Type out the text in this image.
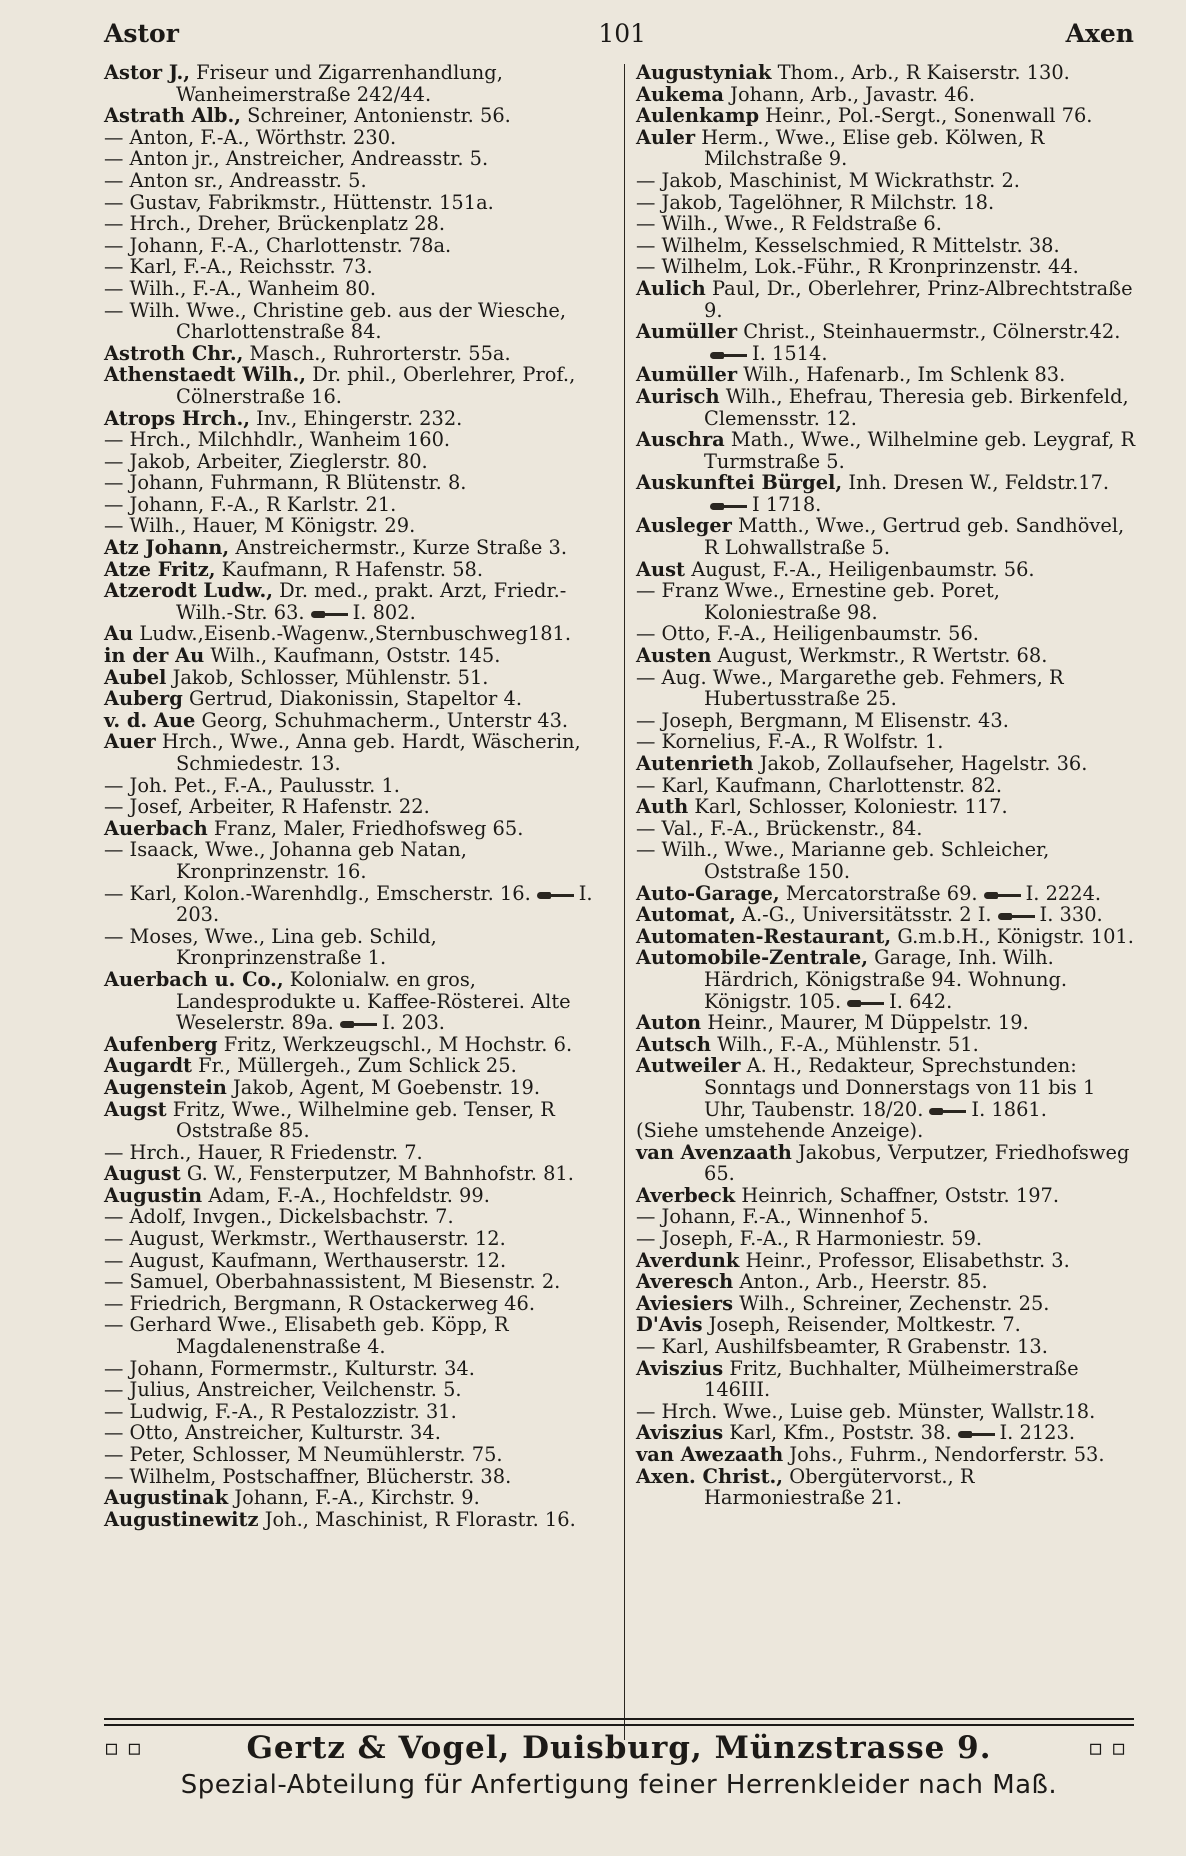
Astor	101	Axen

Astor J., Friseur und Zigarrenhandlung, Wanheimerstraße 242/44.

Astrath Alb., Schreiner, Antonienstr. 56.

— Anton, F.-A., Wörthstr. 230.

— Anton jr., Anstreicher, Andreasstr. 5.

— Anton sr., Andreasstr. 5.

— Gustav, Fabrikmstr., Hüttenstr. 151a.

— Hrch., Dreher, Brückenplatz 28.

— Johann, F.-A., Charlottenstr. 78a.

— Karl, F.-A., Reichsstr. 73.

— Wilh., F.-A., Wanheim 80.

— Wilh. Wwe., Christine geb. aus der Wiesche, Charlottenstraße 84.

Astroth Chr., Masch., Ruhrorterstr. 55a.

Athenstaedt Wilh., Dr. phil., Oberlehrer, Prof., Cölnerstraße 16.

Atrops Hrch., Inv., Ehingerstr. 232.

— Hrch., Milchhdlr., Wanheim 160.

— Jakob, Arbeiter, Zieglerstr. 80.

— Johann, Fuhrmann, R Blütenstr. 8.

— Johann, F.-A., R Karlstr. 21.

— Wilh., Hauer, M Königstr. 29.

Atz Johann, Anstreichermstr., Kurze Straße 3.

Atze Fritz, Kaufmann, R Hafenstr. 58.

Atzerodt Ludw., Dr. med., prakt. Arzt, Friedr.-Wilh.-Str. 63. I. 802.

Au Ludw.,Eisenb.-Wagenw.,Sternbuschweg181.

in der Au Wilh., Kaufmann, Oststr. 145.

Aubel Jakob, Schlosser, Mühlenstr. 51.

Auberg Gertrud, Diakonissin, Stapeltor 4.

v. d. Aue Georg, Schuhmacherm., Unterstr 43.

Auer Hrch., Wwe., Anna geb. Hardt, Wäscherin, Schmiedestr. 13.

— Joh. Pet., F.-A., Paulusstr. 1.

— Josef, Arbeiter, R Hafenstr. 22.

Auerbach Franz, Maler, Friedhofsweg 65.

— Isaack, Wwe., Johanna geb Natan, Kronprinzenstr. 16.

— Karl, Kolon.-Warenhdlg., Emscherstr. 16. I. 203.

— Moses, Wwe., Lina geb. Schild, Kronprinzenstraße 1.

Auerbach u. Co., Kolonialw. en gros, Landesprodukte u. Kaffee-Rösterei. Alte Weselerstr. 89a. I. 203.

Aufenberg Fritz, Werkzeugschl., M Hochstr. 6.

Augardt Fr., Müllergeh., Zum Schlick 25.

Augenstein Jakob, Agent, M Goebenstr. 19.

Augst Fritz, Wwe., Wilhelmine geb. Tenser, R Oststraße 85.

— Hrch., Hauer, R Friedenstr. 7.

August G. W., Fensterputzer, M Bahnhofstr. 81.

Augustin Adam, F.-A., Hochfeldstr. 99.

— Adolf, Invgen., Dickelsbachstr. 7.

— August, Werkmstr., Werthauserstr. 12.

— August, Kaufmann, Werthauserstr. 12.

— Samuel, Oberbahnassistent, M Biesenstr. 2.

— Friedrich, Bergmann, R Ostackerweg 46.

— Gerhard Wwe., Elisabeth geb. Köpp, R Magdalenenstraße 4.

— Johann, Formermstr., Kulturstr. 34.

— Julius, Anstreicher, Veilchenstr. 5.

— Ludwig, F.-A., R Pestalozzistr. 31.

— Otto, Anstreicher, Kulturstr. 34.

— Peter, Schlosser, M Neumühlerstr. 75.

— Wilhelm, Postschaffner, Blücherstr. 38.

Augustinak Johann, F.-A., Kirchstr. 9.

Augustinewitz Joh., Maschinist, R Florastr. 16.

Augustyniak Thom., Arb., R Kaiserstr. 130.

Aukema Johann, Arb., Javastr. 46.

Aulenkamp Heinr., Pol.-Sergt., Sonenwall 76.

Auler Herm., Wwe., Elise geb. Kölwen, R Milchstraße 9.

— Jakob, Maschinist, M Wickrathstr. 2.

— Jakob, Tagelöhner, R Milchstr. 18.

— Wilh., Wwe., R Feldstraße 6.

— Wilhelm, Kesselschmied, R Mittelstr. 38.

— Wilhelm, Lok.-Führ., R Kronprinzenstr. 44.

Aulich Paul, Dr., Oberlehrer, Prinz-Albrechtstraße 9.

Aumüller Christ., Steinhauermstr., Cölnerstr.42.I. 1514.

Aumüller Wilh., Hafenarb., Im Schlenk 83.

Aurisch Wilh., Ehefrau, Theresia geb. Birkenfeld, Clemensstr. 12.

Auschra Math., Wwe., Wilhelmine geb. Leygraf, R Turmstraße 5.

Auskunftei Bürgel, Inh. Dresen W., Feldstr.17.I 1718.

Ausleger Matth., Wwe., Gertrud geb. Sandhövel, R Lohwallstraße 5.

Aust August, F.-A., Heiligenbaumstr. 56.

— Franz Wwe., Ernestine geb. Poret, Koloniestraße 98.

— Otto, F.-A., Heiligenbaumstr. 56.

Austen August, Werkmstr., R Wertstr. 68.

— Aug. Wwe., Margarethe geb. Fehmers, R Hubertusstraße 25.

— Joseph, Bergmann, M Elisenstr. 43.

— Kornelius, F.-A., R Wolfstr. 1.

Autenrieth Jakob, Zollaufseher, Hagelstr. 36.

— Karl, Kaufmann, Charlottenstr. 82.

Auth Karl, Schlosser, Koloniestr. 117.

— Val., F.-A., Brückenstr., 84.

— Wilh., Wwe., Marianne geb. Schleicher, Oststraße 150.

Auto-Garage, Mercatorstraße 69. I. 2224.

Automat, A.-G., Universitätsstr. 2 I. I. 330.

Automaten-Restaurant, G.m.b.H., Königstr. 101.

Automobile-Zentrale, Garage, Inh. Wilh. Härdrich, Königstraße 94. Wohnung. Königstr. 105. I. 642.

Auton Heinr., Maurer, M Düppelstr. 19.

Autsch Wilh., F.-A., Mühlenstr. 51.

Autweiler A. H., Redakteur, Sprechstunden: Sonntags und Donnerstags von 11 bis 1 Uhr, Taubenstr. 18/20. I. 1861.

(Siehe umstehende Anzeige).

van Avenzaath Jakobus, Verputzer, Friedhofsweg 65.

Averbeck Heinrich, Schaffner, Oststr. 197.

— Johann, F.-A., Winnenhof 5.

— Joseph, F.-A., R Harmoniestr. 59.

Averdunk Heinr., Professor, Elisabethstr. 3.

Averesch Anton., Arb., Heerstr. 85.

Aviesiers Wilh., Schreiner, Zechenstr. 25.

D'Avis Joseph, Reisender, Moltkestr. 7.

— Karl, Aushilfsbeamter, R Grabenstr. 13.

Aviszius Fritz, Buchhalter, Mülheimerstraße 146III.

— Hrch. Wwe., Luise geb. Münster, Wallstr.18.

Aviszius Karl, Kfm., Poststr. 38. I. 2123.

van Awezaath Johs., Fuhrm., Nendorferstr. 53.

Axen. Christ., Obergütervorst., R Harmoniestraße 21.

▫▫	Gertz & Vogel, Duisburg, Münzstrasse 9.	▫▫
Spezial-Abteilung für Anfertigung feiner Herrenkleider nach Maß.
